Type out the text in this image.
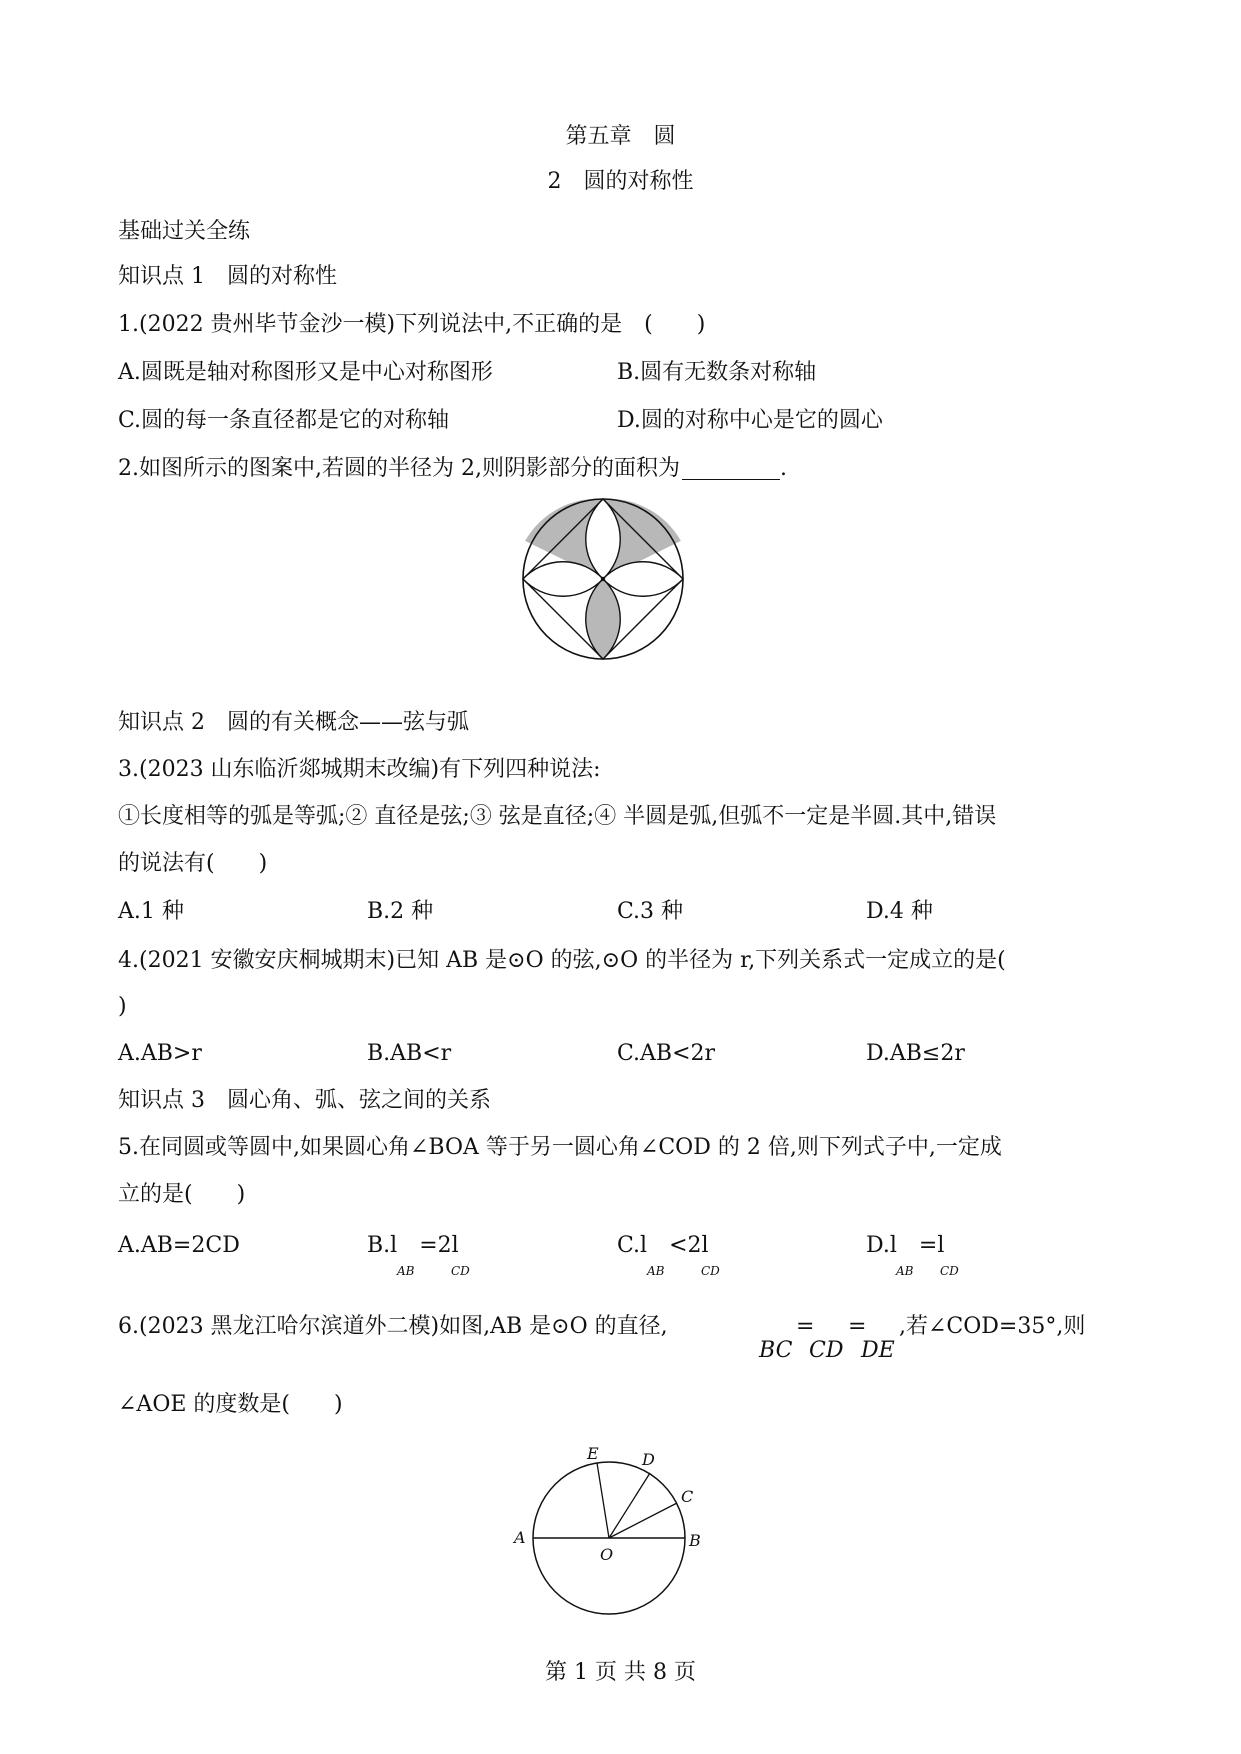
第五章　圆
2　圆的对称性
基础过关全练
知识点 1　圆的对称性
1.(2022 贵州毕节金沙一模)下列说法中,不正确的是　(　　)
A.圆既是轴对称图形又是中心对称图形	B.圆有无数条对称轴
C.圆的每一条直径都是它的对称轴	D.圆的对称中心是它的圆心
2.如图所示的图案中,若圆的半径为 2,则阴影部分的面积为	.
知识点 2　圆的有关概念——弦与弧
3.(2023 山东临沂郯城期末改编)有下列四种说法:
①长度相等的弧是等弧;② 直径是弦;③ 弦是直径;④ 半圆是弧,但弧不一定是半圆.其中,错误
的说法有(　　)
A.1 种	B.2 种	C.3 种	D.4 种
4.(2021 安徽安庆桐城期末)已知 AB 是⊙O 的弦,⊙O 的半径为 r,下列关系式一定成立的是(
)
A.AB>r	B.AB<r	C.AB<2r	D.AB≤2r
知识点 3　圆心角、弧、弦之间的关系
5.在同圆或等圆中,如果圆心角∠BOA 等于另一圆心角∠COD 的 2 倍,则下列式子中,一定成
立的是(　　)
A.AB=2CD	B.l　=2l
AB	CD
C.l　<2l
AB	CD
D.l　=l
AB CD
6.(2023 黑龙江哈尔滨道外二模)如图,AB 是⊙O 的直径,
BC
=
CD
=
DE
,若∠COD=35°,则
∠AOE 的度数是(　　)
A	B
C
D
E
O
第 1 页 共 8 页
